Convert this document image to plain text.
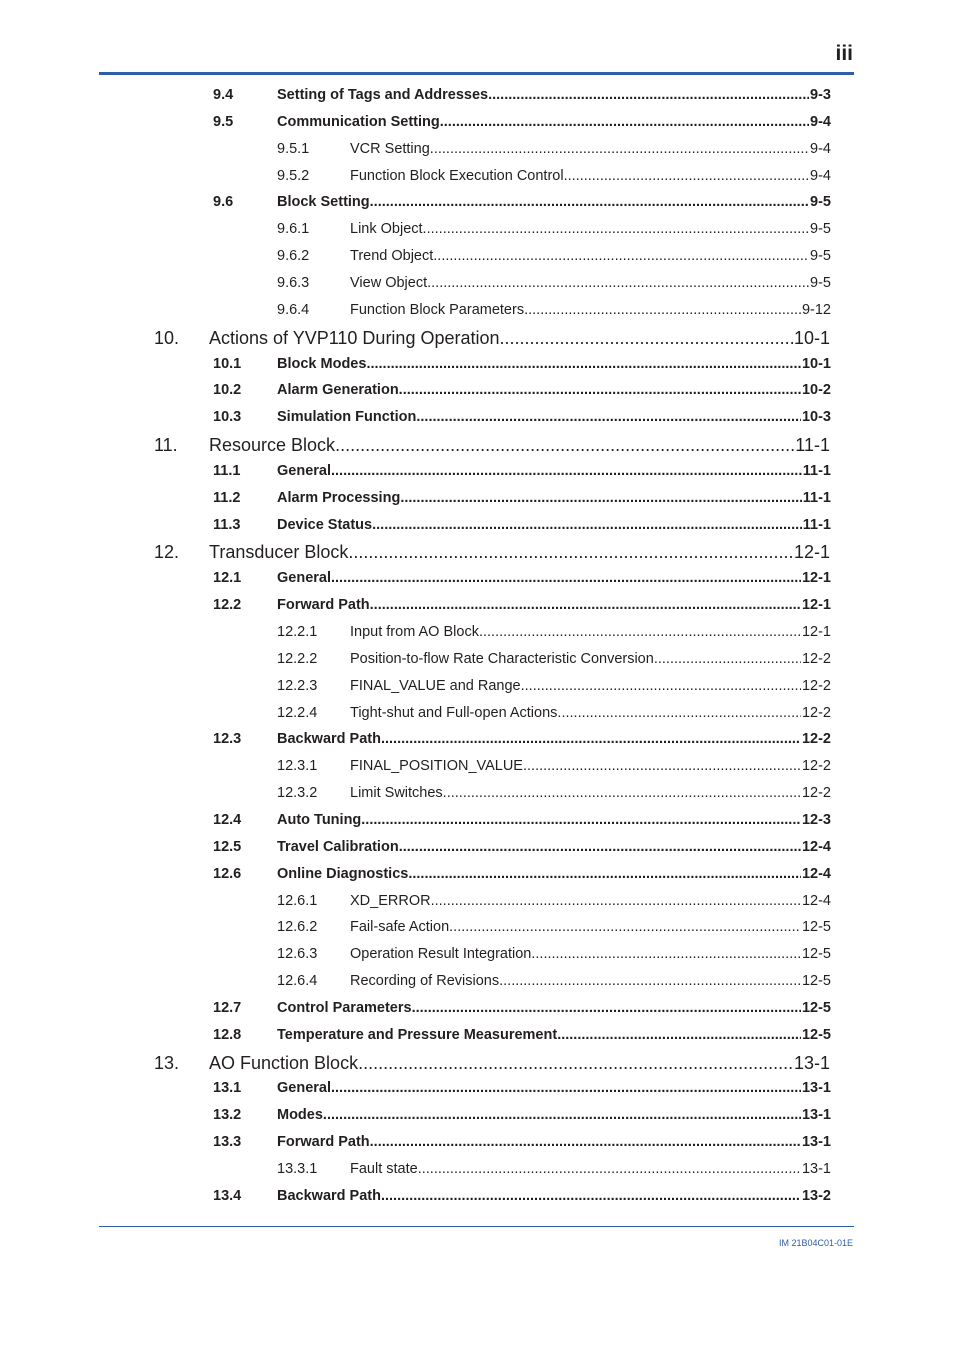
iii
9.4	Setting of Tags and Addresses .....	9-3
9.5	Communication Setting .....	9-4
9.5.1	VCR Setting .....	9-4
9.5.2	Function Block Execution Control .....	9-4
9.6	Block Setting .....	9-5
9.6.1	Link Object .....	9-5
9.6.2	Trend Object .....	9-5
9.6.3	View Object .....	9-5
9.6.4	Function Block Parameters .....	9-12
10.	Actions of YVP110 During Operation .....	10-1
10.1	Block Modes .....	10-1
10.2	Alarm Generation .....	10-2
10.3	Simulation Function .....	10-3
11.	Resource Block .....	11-1
11.1	General .....	11-1
11.2	Alarm Processing .....	11-1
11.3	Device Status .....	11-1
12.	Transducer Block .....	12-1
12.1	General .....	12-1
12.2	Forward Path .....	12-1
12.2.1	Input from AO Block .....	12-1
12.2.2	Position-to-flow Rate Characteristic Conversion .....	12-2
12.2.3	FINAL_VALUE and Range .....	12-2
12.2.4	Tight-shut and Full-open Actions .....	12-2
12.3	Backward Path .....	12-2
12.3.1	FINAL_POSITION_VALUE .....	12-2
12.3.2	Limit Switches .....	12-2
12.4	Auto Tuning .....	12-3
12.5	Travel Calibration .....	12-4
12.6	Online Diagnostics .....	12-4
12.6.1	XD_ERROR .....	12-4
12.6.2	Fail-safe Action .....	12-5
12.6.3	Operation Result Integration .....	12-5
12.6.4	Recording of Revisions .....	12-5
12.7	Control Parameters .....	12-5
12.8	Temperature and Pressure Measurement .....	12-5
13.	AO Function Block .....	13-1
13.1	General .....	13-1
13.2	Modes .....	13-1
13.3	Forward Path .....	13-1
13.3.1	Fault state .....	13-1
13.4	Backward Path .....	13-2
IM 21B04C01-01E
